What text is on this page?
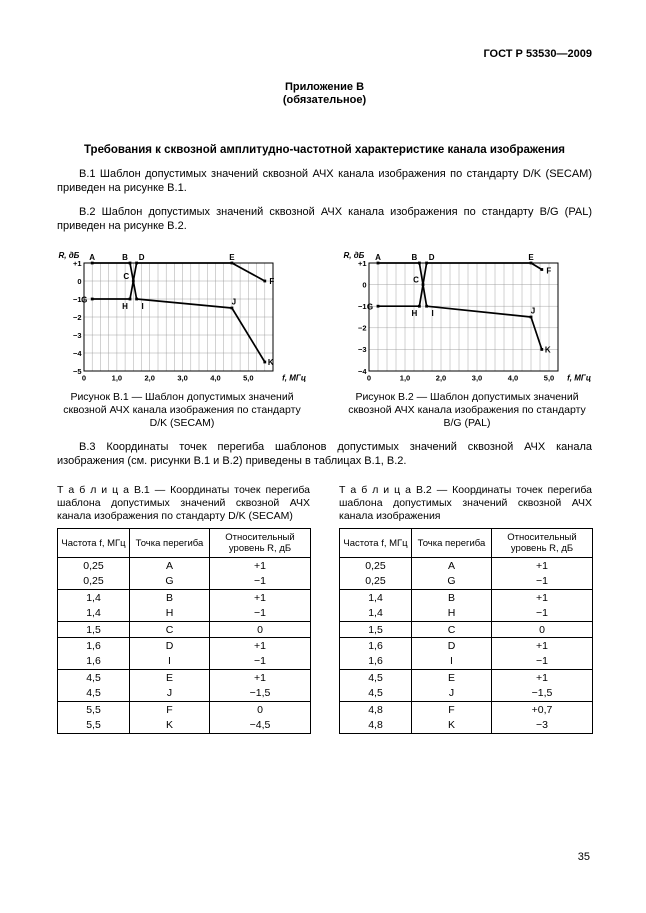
ГОСТ Р 53530—2009
Приложение В
(обязательное)
Требования к сквозной амплитудно-частотной характеристике канала изображения

В.1 Шаблон допустимых значений сквозной АЧХ канала изображения по стандарту D/K (SECAM) приведен на рисунке В.1.

В.2 Шаблон допустимых значений сквозной АЧХ канала изображения по стандарту B/G (PAL) приведен на рисунке В.2.

0	1,0	2,0	3,0	4,0	5,0
+1
0
−1
−2
−3
−4
−5
R, дБ
f, МГц
A	B D	E
F
C
G
H I	J
K
Рисунок В.1 — Шаблон допустимых значений сквозной АЧХ канала изображения по стандарту D/K (SECAM)
0	1,0	2,0	3,0	4,0	5,0
+1
0
−1
−2
−3
−4
R, дБ
f, МГц
A	B D	E
F
C
G
H I	J
K
Рисунок В.2 — Шаблон допустимых значений сквозной АЧХ канала изображения по стандарту B/G (PAL)

В.3 Координаты точек перегиба шаблонов допустимых значений сквозной АЧХ канала изображения (см. рисунки В.1 и В.2) приведены в таблицах В.1, В.2.

Т а б л и ц а В.1 — Координаты точек перегиба шаблона допустимых значений сквозной АЧХ канала изображения по стандарту D/K (SECAM)

Частота f, МГц	Точка перегиба	Относительный уровень R, дБ
0,25	A	+1
0,25	G	−1
1,4	B	+1
1,4	H	−1
1,5	C	0
1,6	D	+1
1,6	I	−1
4,5	E	+1
4,5	J	−1,5
5,5	F	0
5,5	K	−4,5

Т а б л и ц а В.2 — Координаты точек перегиба шаблона допустимых значений сквозной АЧХ канала изображения

Частота f, МГц	Точка перегиба	Относительный уровень R, дБ
0,25	A	+1
0,25	G	−1
1,4	B	+1
1,4	H	−1
1,5	C	0
1,6	D	+1
1,6	I	−1
4,5	E	+1
4,5	J	−1,5
4,8	F	+0,7
4,8	K	−3
35
